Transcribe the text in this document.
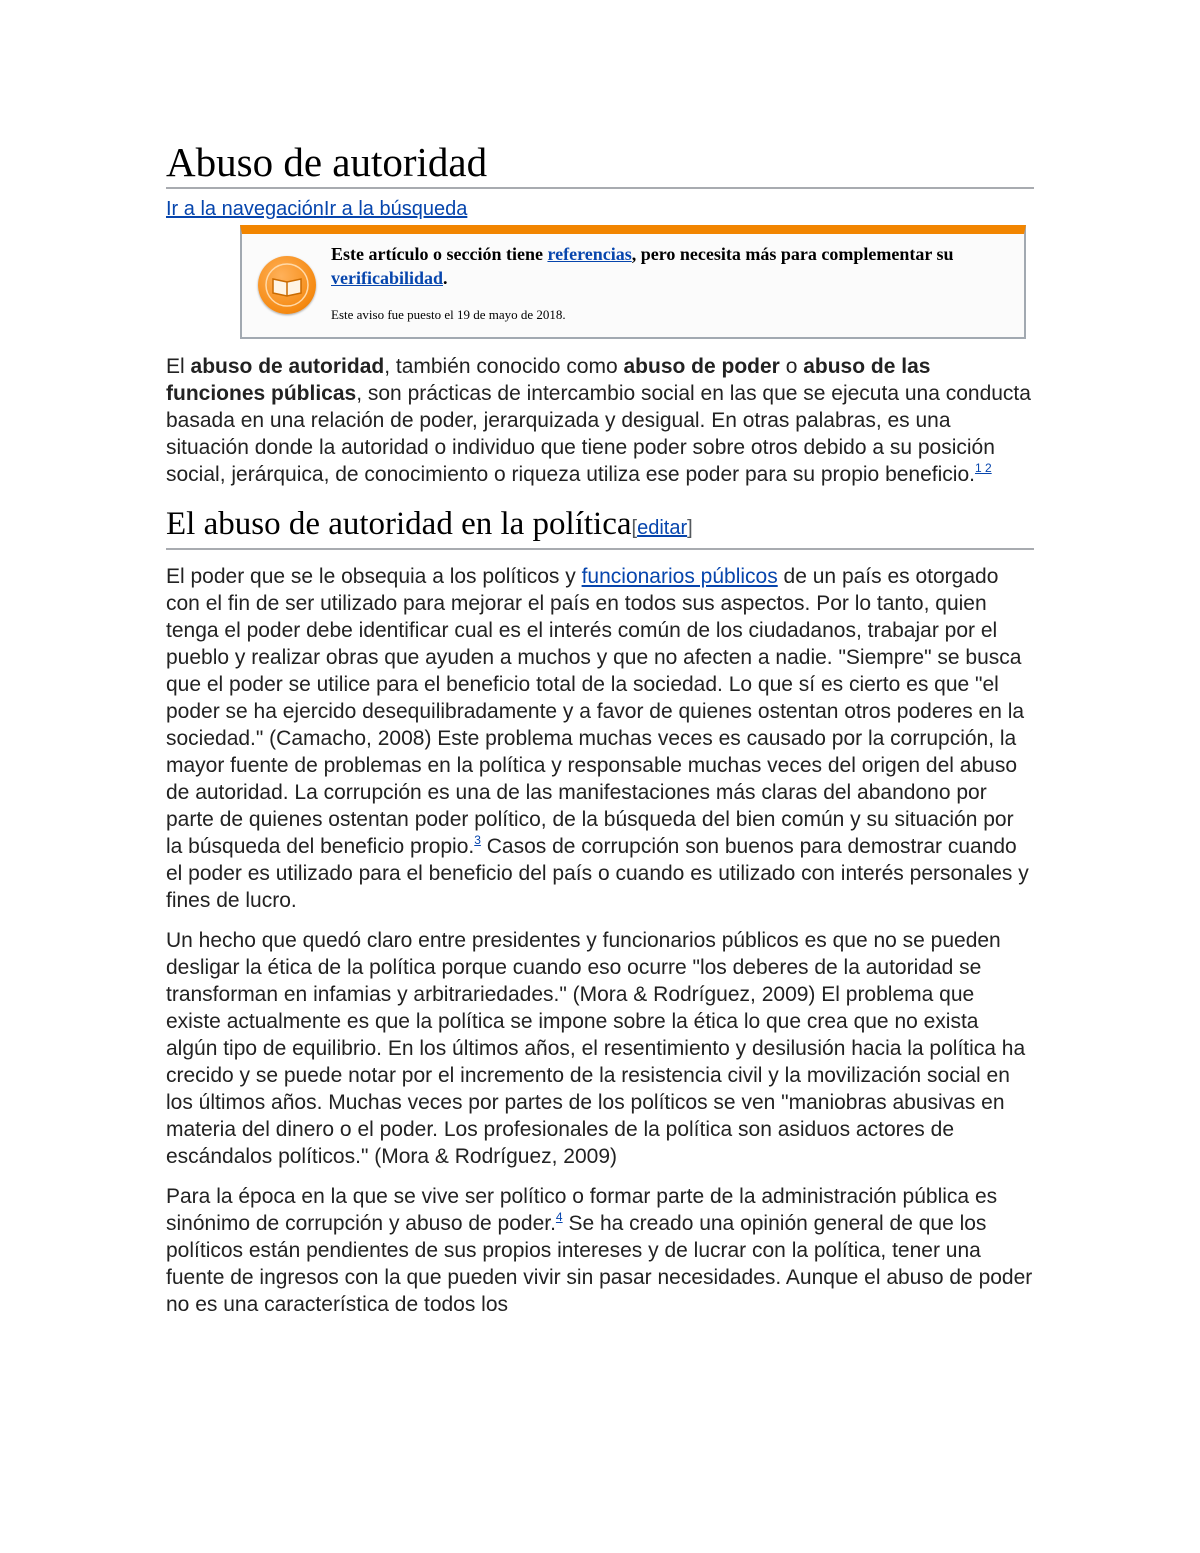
Abuso de autoridad
Ir a la navegaciónIr a la búsqueda
Este artículo o sección tiene referencias, pero necesita más para complementar su verificabilidad.
Este aviso fue puesto el 19 de mayo de 2018.

El abuso de autoridad, también conocido como abuso de poder o abuso de las funciones públicas, son prácticas de intercambio social en las que se ejecuta una conducta basada en una relación de poder, jerarquizada y desigual. En otras palabras, es una situación donde la autoridad o individuo que tiene poder sobre otros debido a su posición social, jerárquica, de conocimiento o riqueza utiliza ese poder para su propio beneficio.$^{1 2}$

El abuso de autoridad en la política[editar]

El poder que se le obsequia a los políticos y funcionarios públicos de un país es otorgado con el fin de ser utilizado para mejorar el país en todos sus aspectos. Por lo tanto, quien tenga el poder debe identificar cual es el interés común de los ciudadanos, trabajar por el pueblo y realizar obras que ayuden a muchos y que no afecten a nadie. "Siempre" se busca que el poder se utilice para el beneficio total de la sociedad. Lo que sí es cierto es que "el poder se ha ejercido desequilibradamente y a favor de quienes ostentan otros poderes en la sociedad." (Camacho, 2008) Este problema muchas veces es causado por la corrupción, la mayor fuente de problemas en la política y responsable muchas veces del origen del abuso de autoridad. La corrupción es una de las manifestaciones más claras del abandono por parte de quienes ostentan poder político, de la búsqueda del bien común y su situación por la búsqueda del beneficio propio.$^3$ Casos de corrupción son buenos para demostrar cuando el poder es utilizado para el beneficio del país o cuando es utilizado con interés personales y fines de lucro.

Un hecho que quedó claro entre presidentes y funcionarios públicos es que no se pueden desligar la ética de la política porque cuando eso ocurre "los deberes de la autoridad se transforman en infamias y arbitrariedades." (Mora & Rodríguez, 2009) El problema que existe actualmente es que la política se impone sobre la ética lo que crea que no exista algún tipo de equilibrio. En los últimos años, el resentimiento y desilusión hacia la política ha crecido y se puede notar por el incremento de la resistencia civil y la movilización social en los últimos años. Muchas veces por partes de los políticos se ven "maniobras abusivas en materia del dinero o el poder. Los profesionales de la política son asiduos actores de escándalos políticos." (Mora & Rodríguez, 2009)

Para la época en la que se vive ser político o formar parte de la administración pública es sinónimo de corrupción y abuso de poder.$^4$ Se ha creado una opinión general de que los políticos están pendientes de sus propios intereses y de lucrar con la política, tener una fuente de ingresos con la que pueden vivir sin pasar necesidades. Aunque el abuso de poder no es una característica de todos los
